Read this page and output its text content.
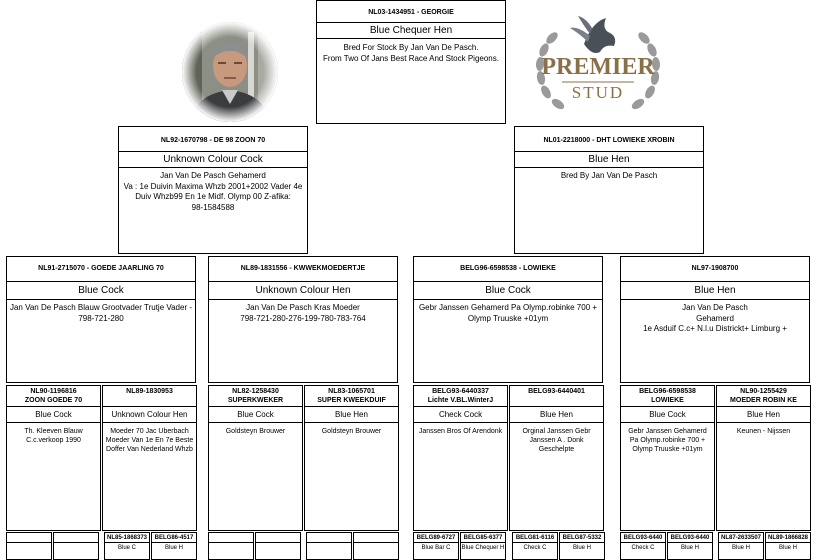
NL03-1434951 - GEORGIE
Blue Chequer Hen
Bred For Stock By Jan Van De Pasch.
From Two Of Jans Best Race And Stock Pigeons. PREMIER
STUD
NL92-1670798 - DE 98 ZOON 70
Unknown Colour Cock
Jan Van De Pasch Gehamerd
Va : 1e Duivin Maxima Whzb 2001+2002 Vader 4e
Duiv Whzb99 En 1e Midf. Olymp 00 Z-afika:
98-1584588
NL01-2218000 - DHT LOWIEKE XROBIN
Blue Hen
Bred By Jan Van De Pasch
NL91-2715070 - GOEDE JAARLING 70
Blue Cock
Jan Van De Pasch Blauw Grootvader Trutje Vader -
798-721-280
NL89-1831556 - KWWEKMOEDERTJE
Unknown Colour Hen
Jan Van De Pasch Kras Moeder
798-721-280-276-199-780-783-764
BELG96-6598538 - LOWIEKE
Blue Cock
Gebr Janssen Gehamerd Pa Olymp.robinke 700 +
Olymp Truuske +01ym
NL97-1908700
Blue Hen
Jan Van De Pasch
Gehamerd
1e Asduif C.c+ N.l.u Districkt+ Limburg +
NL90-1196816
ZOON GOEDE 70
Blue Cock
Th. Kleeven Blauw
C.c.verkoop 1990
NL89-1830953
Unknown Colour Hen
Moeder 70 Jac Uberbach
Moeder Van 1e En 7e Beste
Doffer Van Nederland Whzb
NL82-1258430
SUPERKWEKER
Blue Cock
Goldsteyn Brouwer
NL83-1065701
SUPER KWEEKDUIF
Blue Hen
Goldsteyn Brouwer
BELG93-6440337
Lichte V.BL.WinterJ
Check Cock
Janssen Bros Of Arendonk
BELG93-6440401
Blue Hen
Orginal Janssen Gebr
Janssen A . Donk
Geschelpte
BELG96-6598538
LOWIEKE
Blue Cock
Gebr Janssen Gehamerd
Pa Olymp.robinke 700 +
Olymp Truuske +01ym
NL90-1255429
MOEDER ROBIN KE
Blue Hen
Keunen - Nijssen
NL85-1868373
Blue C
BELG86-4517
Blue H
BELG89-6727
Blue Bar C
BELG85-6377
Blue Chequer H
BELG81-6116
Check C
BELG87-5332
Blue H
BELG93-6440
Check C
BELG93-6440
Blue H
NL87-2633507
Blue H
NL89-1866828
Blue H
